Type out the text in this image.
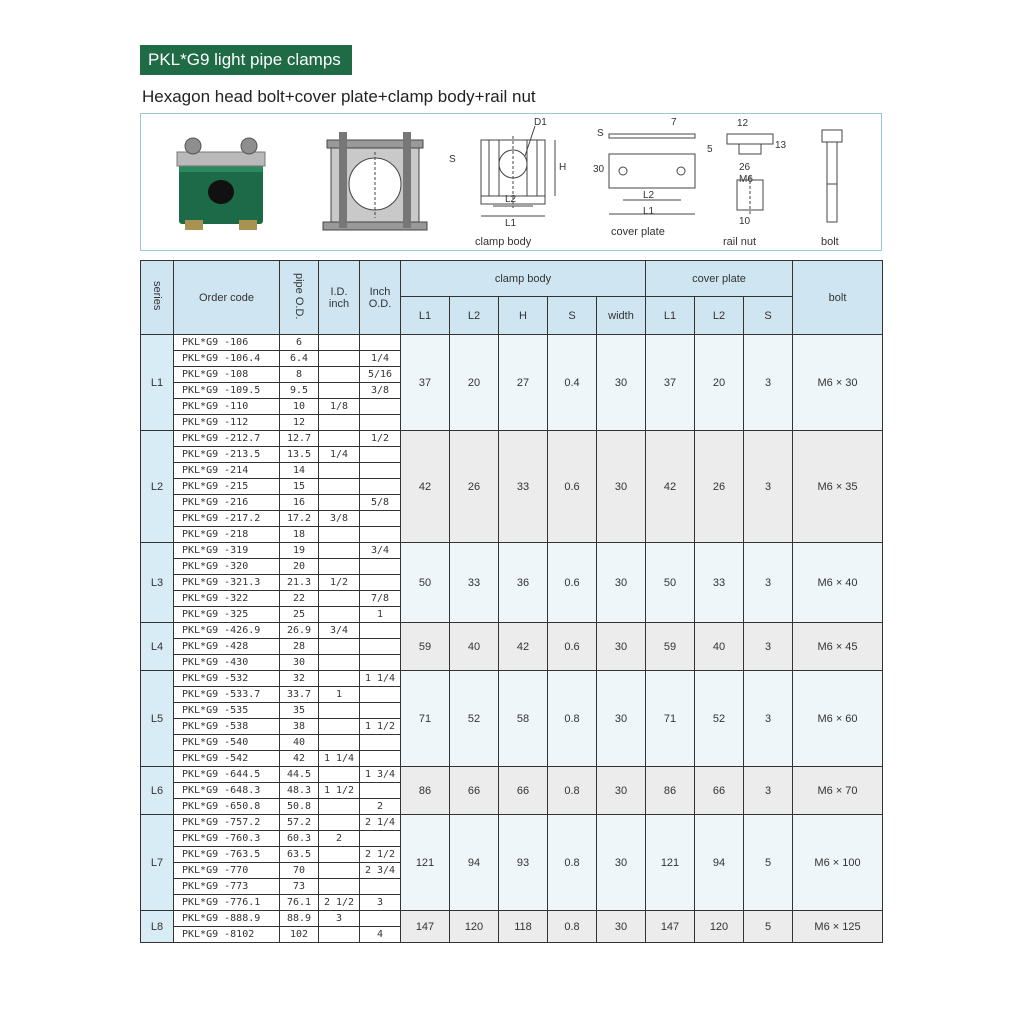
PKL*G9 light pipe clamps
Hexagon head bolt+cover plate+clamp body+rail nut
D1
S
H
L2
L1
clamp body
7
S
30
L2
L1
cover plate
12
5	13
26
M6
10
rail nut	bolt
series	Order code	pipe O.D.	I.D. inch	Inch O.D.	clamp body					cover plate			bolt
					L1	L2	H	S	width	L1	L2	S	
L1	PKL*G9 -106	6			37	20	27	0.4	30	37	20	3	M6 × 30
	PKL*G9 -106.4	6.4		1/4									
	PKL*G9 -108	8		5/16									
	PKL*G9 -109.5	9.5		3/8									
	PKL*G9 -110	10	1/8										
	PKL*G9 -112	12											
L2	PKL*G9 -212.7	12.7		1/2	42	26	33	0.6	30	42	26	3	M6 × 35
	PKL*G9 -213.5	13.5	1/4										
	PKL*G9 -214	14											
	PKL*G9 -215	15											
	PKL*G9 -216	16		5/8									
	PKL*G9 -217.2	17.2	3/8										
	PKL*G9 -218	18											
L3	PKL*G9 -319	19		3/4	50	33	36	0.6	30	50	33	3	M6 × 40
	PKL*G9 -320	20											
	PKL*G9 -321.3	21.3	1/2										
	PKL*G9 -322	22		7/8									
	PKL*G9 -325	25		1									
L4	PKL*G9 -426.9	26.9	3/4		59	40	42	0.6	30	59	40	3	M6 × 45
	PKL*G9 -428	28											
	PKL*G9 -430	30											
L5	PKL*G9 -532	32		1 1/4	71	52	58	0.8	30	71	52	3	M6 × 60
	PKL*G9 -533.7	33.7	1										
	PKL*G9 -535	35											
	PKL*G9 -538	38		1 1/2									
	PKL*G9 -540	40											
	PKL*G9 -542	42	1 1/4										
L6	PKL*G9 -644.5	44.5		1 3/4	86	66	66	0.8	30	86	66	3	M6 × 70
	PKL*G9 -648.3	48.3	1 1/2										
	PKL*G9 -650.8	50.8		2									
L7	PKL*G9 -757.2	57.2		2 1/4	121	94	93	0.8	30	121	94	5	M6 × 100
	PKL*G9 -760.3	60.3	2										
	PKL*G9 -763.5	63.5		2 1/2									
	PKL*G9 -770	70		2 3/4									
	PKL*G9 -773	73											
	PKL*G9 -776.1	76.1	2 1/2	3									
L8	PKL*G9 -888.9	88.9	3		147	120	118	0.8	30	147	120	5	M6 × 125
	PKL*G9 -8102	102		4									
